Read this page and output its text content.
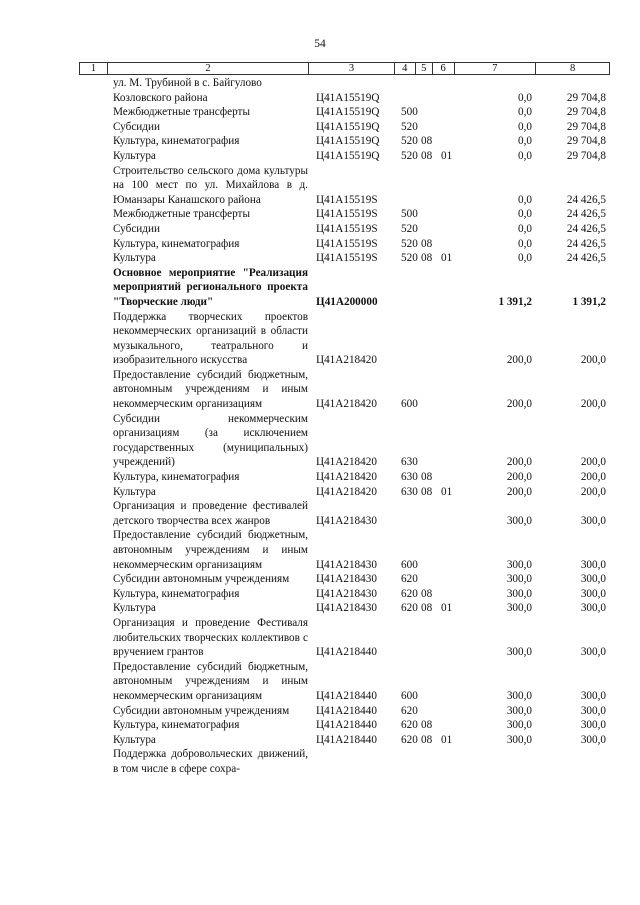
54
1	2	3	4	5	6	7	8
ул. М. Трубиной в с. Байгулово
Козловского района	Ц41А15519Q	0,0	29 704,8
Межбюджетные трансферты	Ц41А15519Q 500	0,0	29 704,8
Субсидии	Ц41А15519Q 520	0,0	29 704,8
Культура, кинематография	Ц41А15519Q 520 08	0,0	29 704,8
Культура	Ц41А15519Q 520 08 01	0,0	29 704,8
Строительство сельского дома культуры на 100 мест по ул. Михайлова в д. Юманзары Канашского района	Ц41А15519S	0,0	24 426,5
Межбюджетные трансферты	Ц41А15519S 500	0,0	24 426,5
Субсидии	Ц41А15519S 520	0,0	24 426,5
Культура, кинематография	Ц41А15519S 520 08	0,0	24 426,5
Культура	Ц41А15519S 520 08 01	0,0	24 426,5
Основное мероприятие "Реализация мероприятий регионального проекта "Творческие люди"	Ц41А200000	1 391,2	1 391,2
Поддержка творческих проектов некоммерческих организаций в области музыкального, театрального и изобразительного искусства	Ц41А218420	200,0	200,0
Предоставление субсидий бюджетным, автономным учреждениям и иным некоммерческим организациям	Ц41А218420 600	200,0	200,0
Субсидии некоммерческим организациям (за исключением государственных (муниципальных) учреждений)	Ц41А218420 630	200,0	200,0
Культура, кинематография	Ц41А218420 630 08	200,0	200,0
Культура	Ц41А218420 630 08 01	200,0	200,0
Организация и проведение фестивалей детского творчества всех жанров	Ц41А218430	300,0	300,0
Предоставление субсидий бюджетным, автономным учреждениям и иным некоммерческим организациям	Ц41А218430 600	300,0	300,0
Субсидии автономным учреждениям	Ц41А218430 620	300,0	300,0
Культура, кинематография	Ц41А218430 620 08	300,0	300,0
Культура	Ц41А218430 620 08 01	300,0	300,0
Организация и проведение Фестиваля любительских творческих коллективов с вручением грантов	Ц41А218440	300,0	300,0
Предоставление субсидий бюджетным, автономным учреждениям и иным некоммерческим организациям	Ц41А218440 600	300,0	300,0
Субсидии автономным учреждениям	Ц41А218440 620	300,0	300,0
Культура, кинематография	Ц41А218440 620 08	300,0	300,0
Культура	Ц41А218440 620 08 01	300,0	300,0
Поддержка добровольческих движений, в том числе в сфере сохра-
